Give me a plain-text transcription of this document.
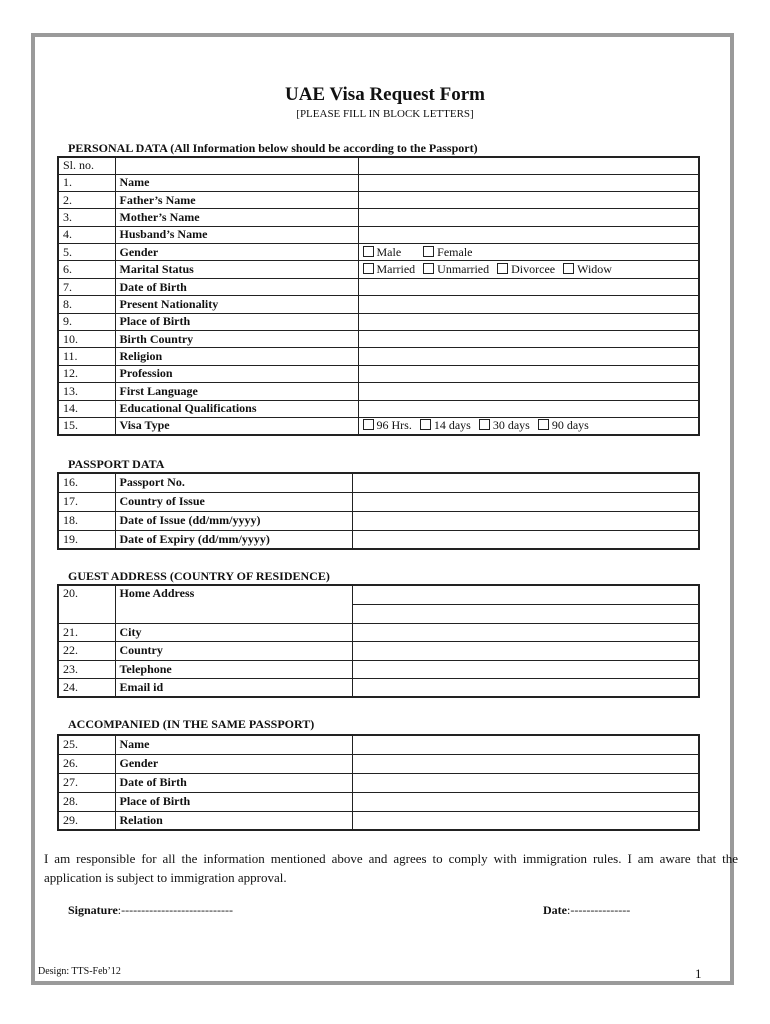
UAE Visa Request Form
[PLEASE FILL IN BLOCK LETTERS]
PERSONAL DATA (All Information below should be according to the Passport)
Sl. no.		
1.	Name	
2.	Father’s Name	
3.	Mother’s Name	
4.	Husband’s Name	
5.	Gender	Male Female
6.	Marital Status	Married Unmarried Divorcee Widow
7.	Date of Birth	
8.	Present Nationality	
9.	Place of Birth	
10.	Birth Country	
11.	Religion	
12.	Profession	
13.	First Language	
14.	Educational Qualifications	
15.	Visa Type	96 Hrs. 14 days 30 days 90 days
PASSPORT DATA
16.	Passport No.	
17.	Country of Issue	
18.	Date of Issue (dd/mm/yyyy)	
19.	Date of Expiry (dd/mm/yyyy)	
GUEST ADDRESS (COUNTRY OF RESIDENCE)
20.	Home Address	

21.	City	
22.	Country	
23.	Telephone	
24.	Email id	
ACCOMPANIED (IN THE SAME PASSPORT)
25.	Name	
26.	Gender	
27.	Date of Birth	
28.	Place of Birth	
29.	Relation	
I am responsible for all the information mentioned above and agrees to comply with immigration rules. I am aware that the application is subject to immigration approval.
Signature:----------------------------	Date:---------------
Design: TTS-Feb’12	1
